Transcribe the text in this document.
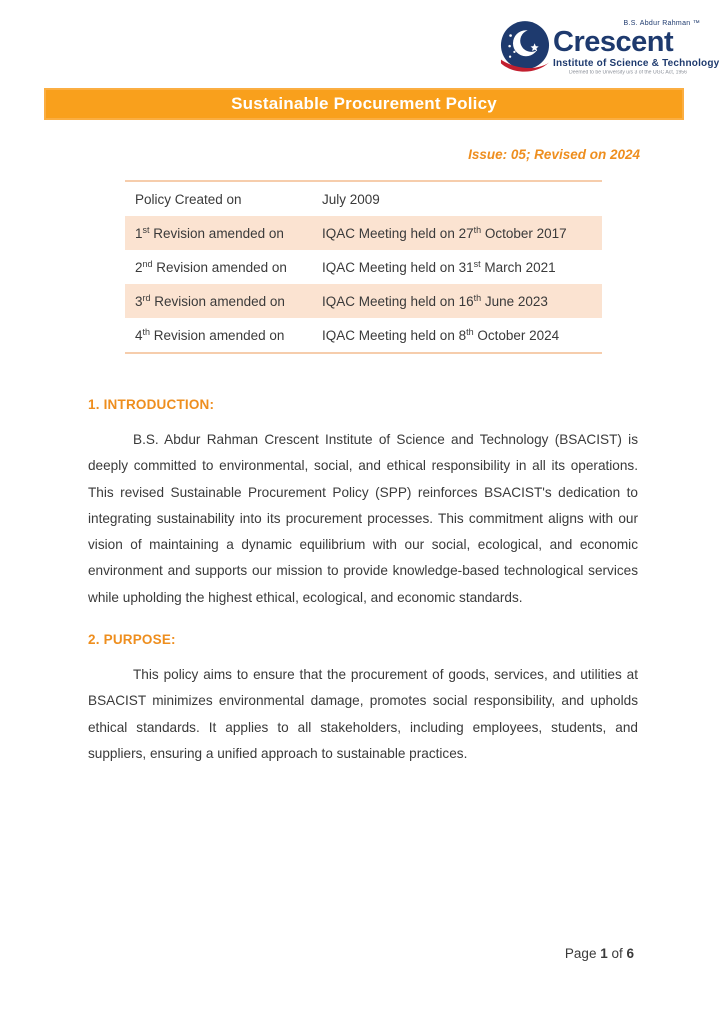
B.S. Abdur Rahman ™
Crescent
Institute of Science & Technology
Deemed to be University u/s 3 of the UGC Act, 1956
Sustainable Procurement Policy
Issue: 05; Revised on 2024
Policy Created on	July 2009
1st Revision amended on	IQAC Meeting held on 27th October 2017
2nd Revision amended on	IQAC Meeting held on 31st March 2021
3rd Revision amended on	IQAC Meeting held on 16th June 2023
4th Revision amended on	IQAC Meeting held on 8th October 2024
1. INTRODUCTION:

B.S. Abdur Rahman Crescent Institute of Science and Technology (BSACIST) is deeply committed to environmental, social, and ethical responsibility in all its operations. This revised Sustainable Procurement Policy (SPP) reinforces BSACIST's dedication to integrating sustainability into its procurement processes. This commitment aligns with our vision of maintaining a dynamic equilibrium with our social, ecological, and economic environment and supports our mission to provide knowledge-based technological services while upholding the highest ethical, ecological, and economic standards.

2. PURPOSE:

This policy aims to ensure that the procurement of goods, services, and utilities at BSACIST minimizes environmental damage, promotes social responsibility, and upholds ethical standards. It applies to all stakeholders, including employees, students, and suppliers, ensuring a unified approach to sustainable practices.

Page 1 of 6
